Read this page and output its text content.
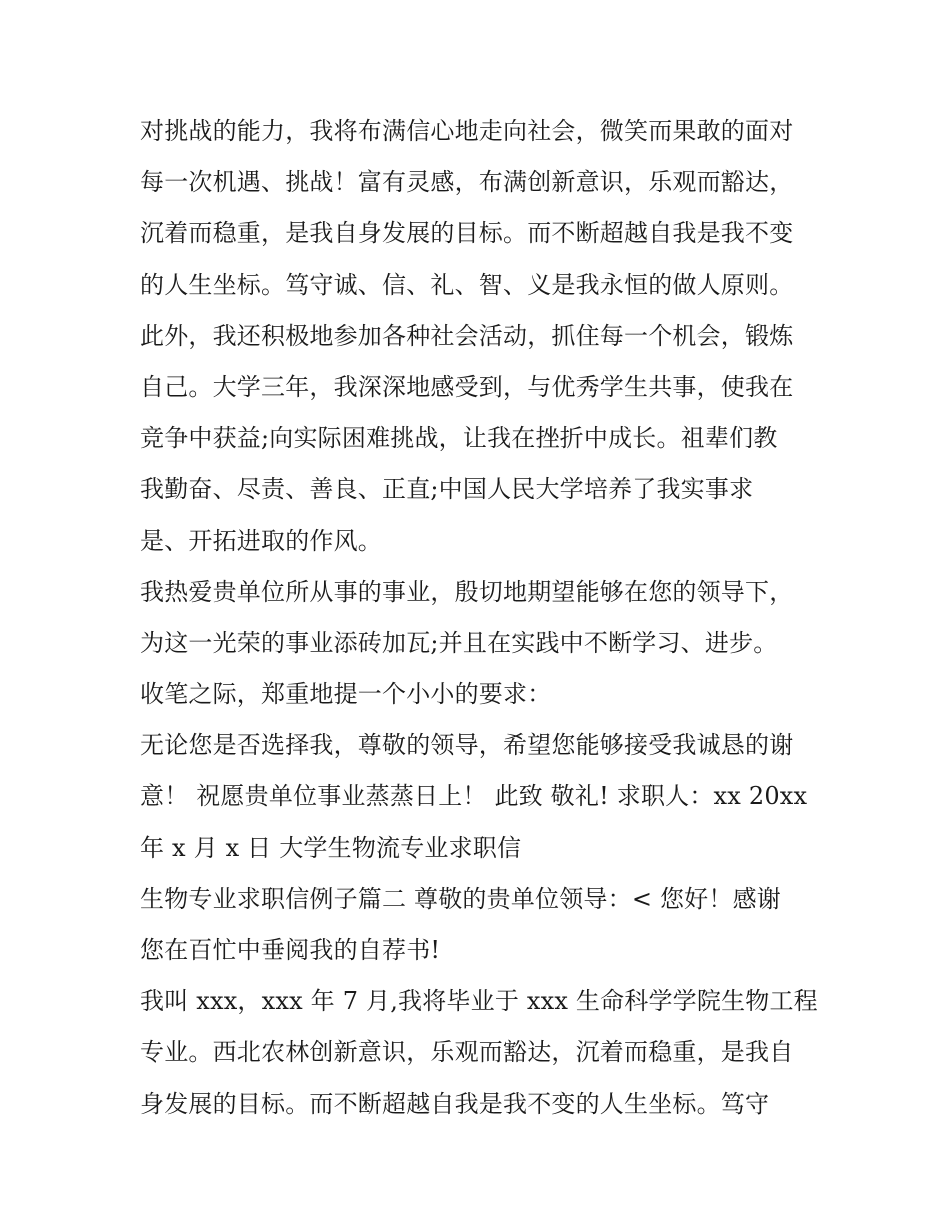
对挑战的能力，我将布满信心地走向社会，微笑而果敢的面对
每一次机遇、挑战！富有灵感，布满创新意识，乐观而豁达，
沉着而稳重，是我自身发展的目标。而不断超越自我是我不变
的人生坐标。笃守诚、信、礼、智、义是我永恒的做人原则。
此外，我还积极地参加各种社会活动，抓住每一个机会，锻炼
自己。大学三年，我深深地感受到，与优秀学生共事，使我在
竞争中获益;向实际困难挑战，让我在挫折中成长。祖辈们教
我勤奋、尽责、善良、正直;中国人民大学培养了我实事求
是、开拓进取的作风。
我热爱贵单位所从事的事业，殷切地期望能够在您的领导下，
为这一光荣的事业添砖加瓦;并且在实践中不断学习、进步。
收笔之际，郑重地提一个小小的要求：
无论您是否选择我，尊敬的领导，希望您能够接受我诚恳的谢
意！ 祝愿贵单位事业蒸蒸日上！ 此致 敬礼! 求职人：xx 20xx
年 x 月 x 日 大学生物流专业求职信
生物专业求职信例子篇二 尊敬的贵单位领导：< 您好！感谢
您在百忙中垂阅我的自荐书!
我叫 xxx，xxx 年 7 月,我将毕业于 xxx 生命科学学院生物工程
专业。西北农林创新意识，乐观而豁达，沉着而稳重，是我自
身发展的目标。而不断超越自我是我不变的人生坐标。笃守
